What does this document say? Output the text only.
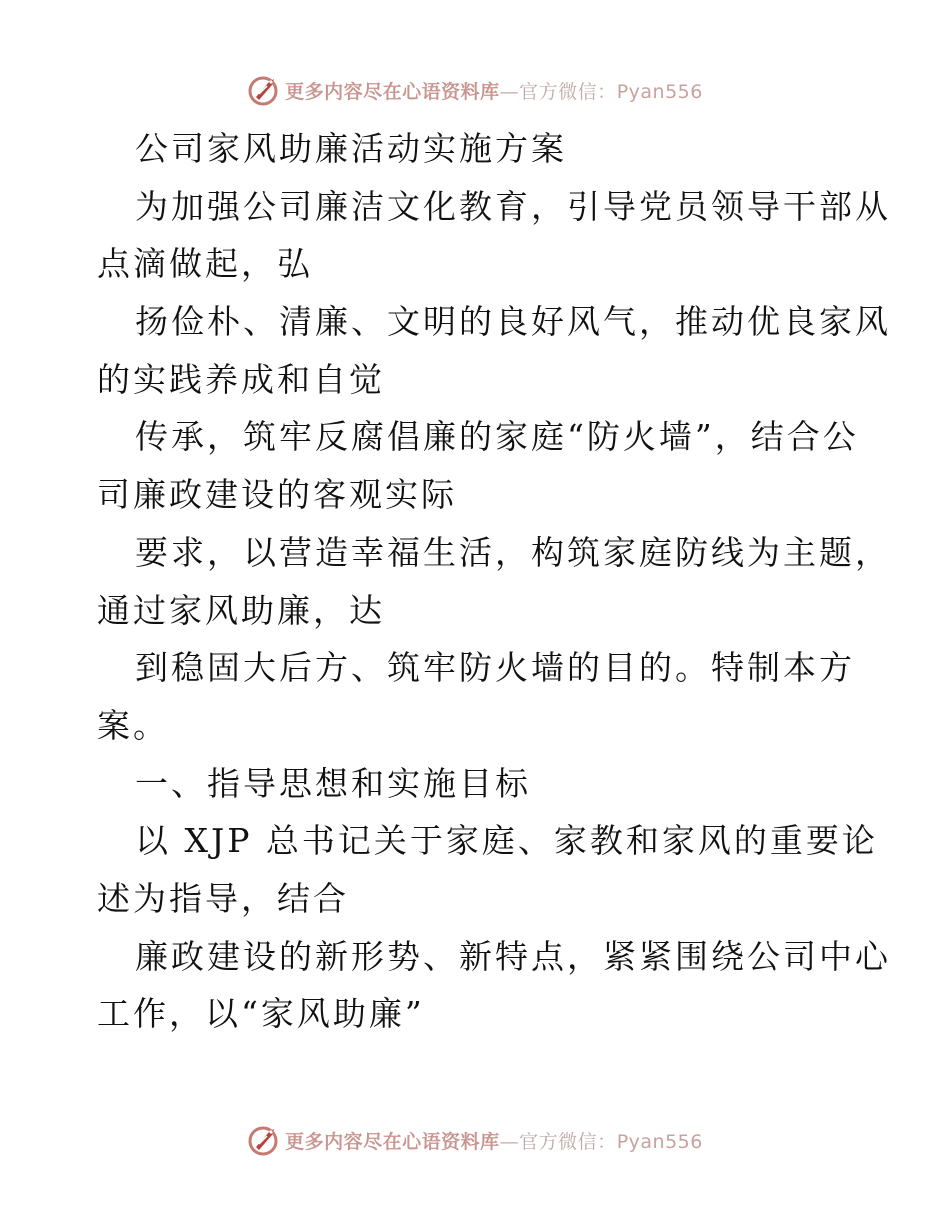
更多内容尽在心语资料库—官方微信：Pyan556
公司家风助廉活动实施方案
为加强公司廉洁文化教育，引导党员领导干部从
点滴做起，弘
扬俭朴、清廉、文明的良好风气，推动优良家风
的实践养成和自觉
传承，筑牢反腐倡廉的家庭“防火墙”，结合公
司廉政建设的客观实际
要求，以营造幸福生活，构筑家庭防线为主题，
通过家风助廉，达
到稳固大后方、筑牢防火墙的目的。特制本方
案。
一、指导思想和实施目标
以 XJP 总书记关于家庭、家教和家风的重要论
述为指导，结合
廉政建设的新形势、新特点，紧紧围绕公司中心
工作，以“家风助廉”
更多内容尽在心语资料库—官方微信：Pyan556
